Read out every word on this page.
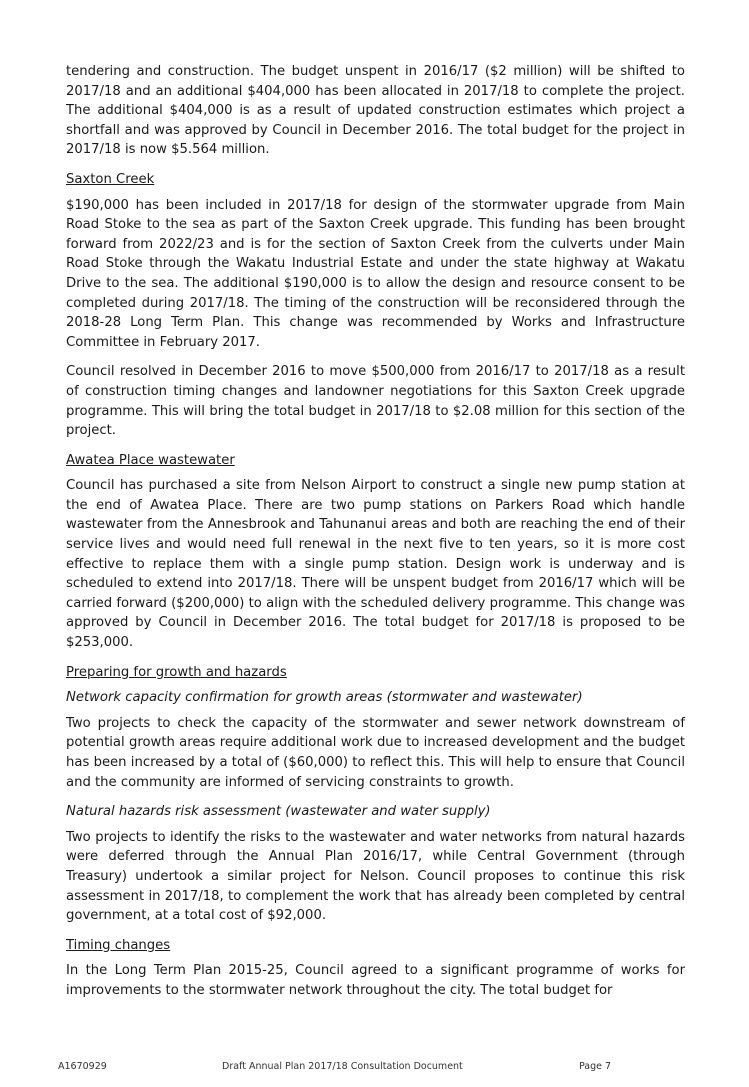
tendering and construction. The budget unspent in 2016/17 ($2 million) will be shifted to 2017/18 and an additional $404,000 has been allocated in 2017/18 to complete the project. The additional $404,000 is as a result of updated construction estimates which project a shortfall and was approved by Council in December 2016. The total budget for the project in 2017/18 is now $5.564 million.

Saxton Creek

$190,000 has been included in 2017/18 for design of the stormwater upgrade from Main Road Stoke to the sea as part of the Saxton Creek upgrade. This funding has been brought forward from 2022/23 and is for the section of Saxton Creek from the culverts under Main Road Stoke through the Wakatu Industrial Estate and under the state highway at Wakatu Drive to the sea. The additional $190,000 is to allow the design and resource consent to be completed during 2017/18. The timing of the construction will be reconsidered through the 2018-28 Long Term Plan. This change was recommended by Works and Infrastructure Committee in February 2017.

Council resolved in December 2016 to move $500,000 from 2016/17 to 2017/18 as a result of construction timing changes and landowner negotiations for this Saxton Creek upgrade programme. This will bring the total budget in 2017/18 to $2.08 million for this section of the project.

Awatea Place wastewater

Council has purchased a site from Nelson Airport to construct a single new pump station at the end of Awatea Place. There are two pump stations on Parkers Road which handle wastewater from the Annesbrook and Tahunanui areas and both are reaching the end of their service lives and would need full renewal in the next five to ten years, so it is more cost effective to replace them with a single pump station. Design work is underway and is scheduled to extend into 2017/18. There will be unspent budget from 2016/17 which will be carried forward ($200,000) to align with the scheduled delivery programme. This change was approved by Council in December 2016. The total budget for 2017/18 is proposed to be $253,000.

Preparing for growth and hazards

Network capacity confirmation for growth areas (stormwater and wastewater)

Two projects to check the capacity of the stormwater and sewer network downstream of potential growth areas require additional work due to increased development and the budget has been increased by a total of ($60,000) to reflect this. This will help to ensure that Council and the community are informed of servicing constraints to growth.

Natural hazards risk assessment (wastewater and water supply)

Two projects to identify the risks to the wastewater and water networks from natural hazards were deferred through the Annual Plan 2016/17, while Central Government (through Treasury) undertook a similar project for Nelson. Council proposes to continue this risk assessment in 2017/18, to complement the work that has already been completed by central government, at a total cost of $92,000.

Timing changes

In the Long Term Plan 2015-25, Council agreed to a significant programme of works for improvements to the stormwater network throughout the city. The total budget for

A1670929	Draft Annual Plan 2017/18 Consultation Document	Page 7
